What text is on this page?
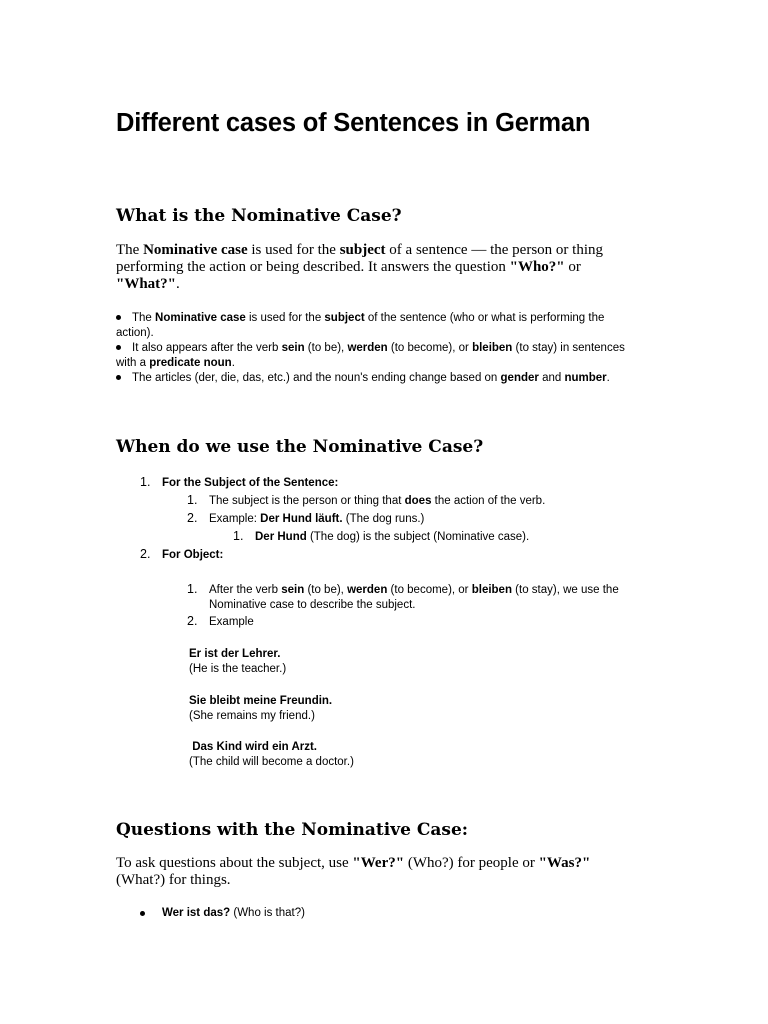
Different cases of Sentences in German
What is the Nominative Case?
The Nominative case is used for the subject of a sentence — the person or thing performing the action or being described. It answers the question "Who?" or "What?".
The Nominative case is used for the subject of the sentence (who or what is performing the action).
It also appears after the verb sein (to be), werden (to become), or bleiben (to stay) in sentences with a predicate noun.
The articles (der, die, das, etc.) and the noun's ending change based on gender and number.
When do we use the Nominative Case?
1. For the Subject of the Sentence:
1. The subject is the person or thing that does the action of the verb.
2. Example: Der Hund läuft. (The dog runs.)
1. Der Hund (The dog) is the subject (Nominative case).
2. For Object:
1. After the verb sein (to be), werden (to become), or bleiben (to stay), we use the
Nominative case to describe the subject.
2. Example
Er ist der Lehrer.
(He is the teacher.)
Sie bleibt meine Freundin.
(She remains my friend.)
Das Kind wird ein Arzt.
(The child will become a doctor.)
Questions with the Nominative Case:
To ask questions about the subject, use "Wer?" (Who?) for people or "Was?" (What?) for things.
Wer ist das? (Who is that?)
